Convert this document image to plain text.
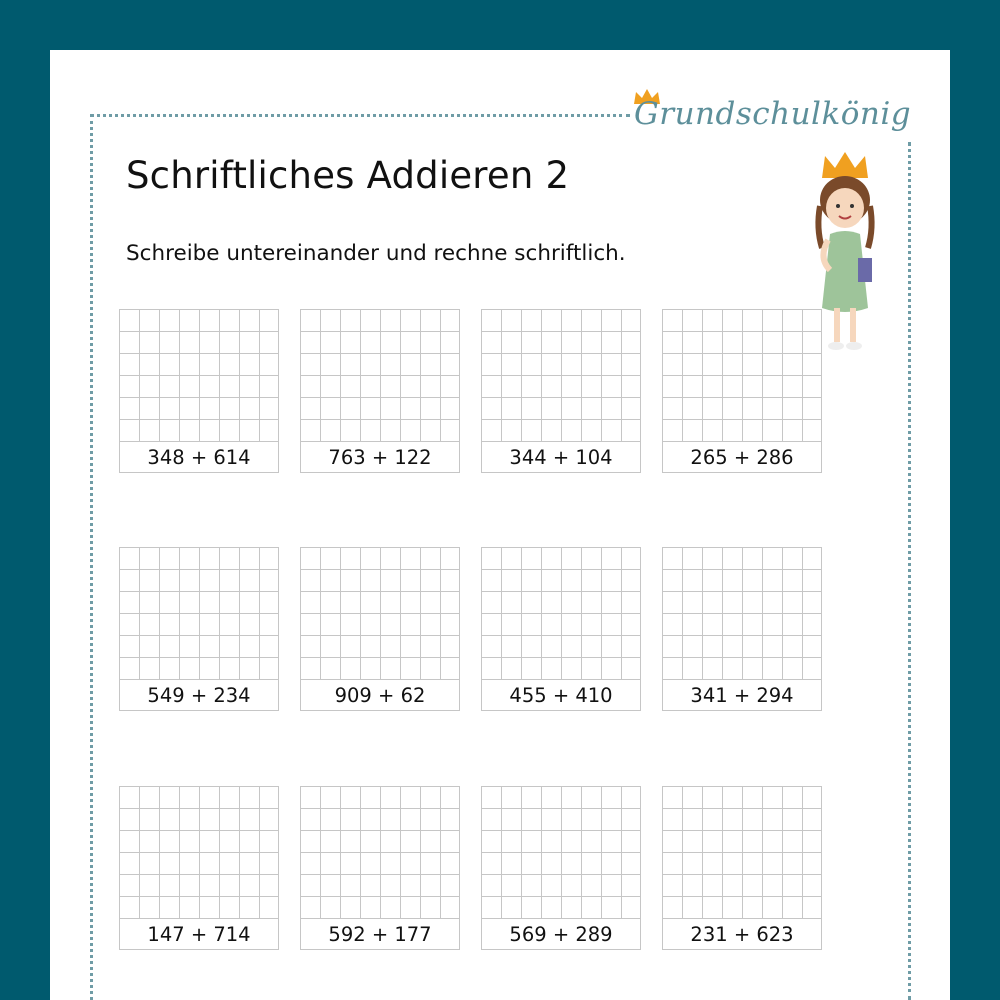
Grundschulkönig
Schriftliches Addieren 2
Schreibe untereinander und rechne schriftlich.
348 + 614	763 + 122	344 + 104	265 + 286
549 + 234	909 + 62	455 + 410	341 + 294
147 + 714	592 + 177	569 + 289	231 + 623
